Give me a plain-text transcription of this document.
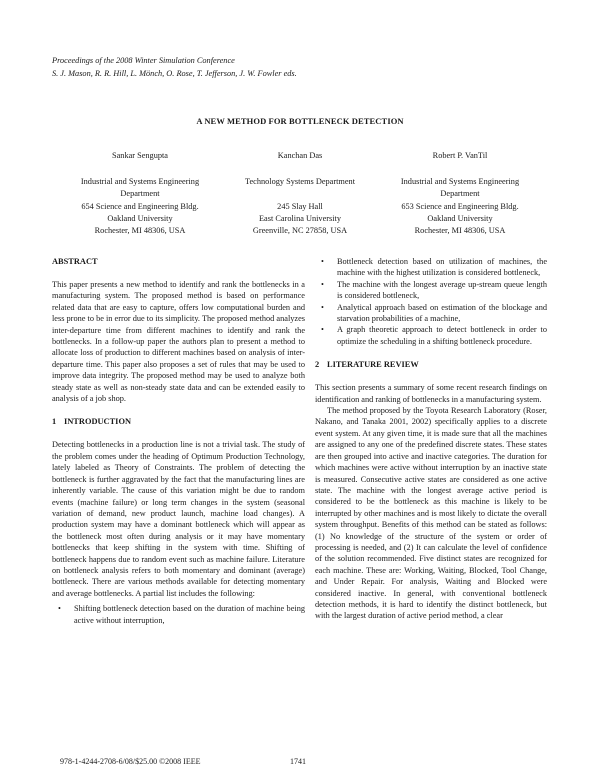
Proceedings of the 2008 Winter Simulation Conference
S. J. Mason, R. R. Hill, L. Mönch, O. Rose, T. Jefferson, J. W. Fowler eds.
A NEW METHOD FOR BOTTLENECK DETECTION
Sankar Sengupta
Industrial and Systems Engineering
Department
654 Science and Engineering Bldg.
Oakland University
Rochester, MI 48306, USA
Kanchan Das
Technology Systems Department
245 Slay Hall
East Carolina University
Greenville, NC 27858, USA
Robert P. VanTil
Industrial and Systems Engineering
Department
653 Science and Engineering Bldg.
Oakland University
Rochester, MI 48306, USA
ABSTRACT

This paper presents a new method to identify and rank the bottlenecks in a manufacturing system. The proposed method is based on performance related data that are easy to capture, offers low computational burden and less prone to be in error due to its simplicity. The proposed method analyzes inter-departure time from different machines to identify and rank the bottlenecks. In a follow-up paper the authors plan to present a method to allocate loss of production to different machines based on analysis of inter-departure time. This paper also proposes a set of rules that may be used to improve data integrity. The proposed method may be used to analyze both steady state as well as non-steady state data and can be extended easily to analysis of a job shop.

1 INTRODUCTION

Detecting bottlenecks in a production line is not a trivial task. The study of the problem comes under the heading of Optimum Production Technology, lately labeled as Theory of Constraints. The problem of detecting the bottleneck is further aggravated by the fact that the manufacturing lines are inherently variable. The cause of this variation might be due to random events (machine failure) or long term changes in the system (seasonal variation of demand, new product launch, machine load changes). A production system may have a dominant bottleneck which will appear as the bottleneck most often during analysis or it may have momentary bottlenecks that keep shifting in the system with time. Shifting of bottleneck happens due to random event such as machine failure. Literature on bottleneck analysis refers to both momentary and dominant (average) bottleneck. There are various methods available for detecting momentary and average bottlenecks. A partial list includes the following:

• Shifting bottleneck detection based on the duration of machine being active without interruption,
• Bottleneck detection based on utilization of machines, the machine with the highest utilization is considered bottleneck,
• The machine with the longest average up-stream queue length is considered bottleneck,
• Analytical approach based on estimation of the blockage and starvation probabilities of a machine,
• A graph theoretic approach to detect bottleneck in order to optimize the scheduling in a shifting bottleneck procedure.
2 LITERATURE REVIEW

This section presents a summary of some recent research findings on identification and ranking of bottlenecks in a manufacturing system.

The method proposed by the Toyota Research Laboratory (Roser, Nakano, and Tanaka 2001, 2002) specifically applies to a discrete event system. At any given time, it is made sure that all the machines are assigned to any one of the predefined discrete states. These states are then grouped into active and inactive categories. The duration for which machines were active without interruption by an inactive state is measured. Consecutive active states are considered as one active state. The machine with the longest average active period is considered to be the bottleneck as this machine is likely to be interrupted by other machines and is most likely to dictate the overall system throughput. Benefits of this method can be stated as follows: (1) No knowledge of the structure of the system or order of processing is needed, and (2) It can calculate the level of confidence of the solution recommended. Five distinct states are recognized for each machine. These are: Working, Waiting, Blocked, Tool Change, and Under Repair. For analysis, Waiting and Blocked were considered inactive. In general, with conventional bottleneck detection methods, it is hard to identify the distinct bottleneck, but with the largest duration of active period method, a clear

978-1-4244-2708-6/08/$25.00 ©2008 IEEE	1741
